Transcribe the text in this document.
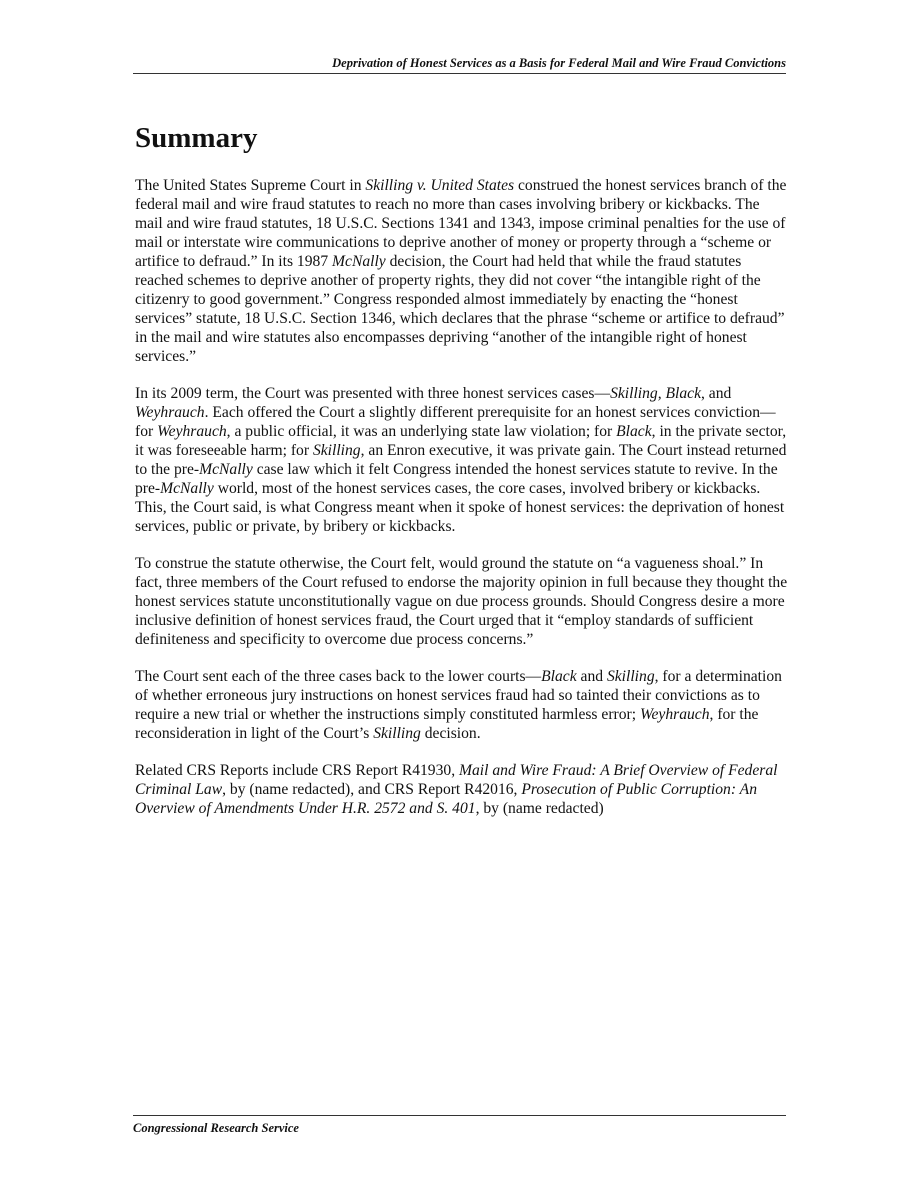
Deprivation of Honest Services as a Basis for Federal Mail and Wire Fraud Convictions
Summary

The United States Supreme Court in Skilling v. United States construed the honest services branch of the federal mail and wire fraud statutes to reach no more than cases involving bribery or kickbacks. The mail and wire fraud statutes, 18 U.S.C. Sections 1341 and 1343, impose criminal penalties for the use of mail or interstate wire communications to deprive another of money or property through a “scheme or artifice to defraud.” In its 1987 McNally decision, the Court had held that while the fraud statutes reached schemes to deprive another of property rights, they did not cover “the intangible right of the citizenry to good government.” Congress responded almost immediately by enacting the “honest services” statute, 18 U.S.C. Section 1346, which declares that the phrase “scheme or artifice to defraud” in the mail and wire statutes also encompasses depriving “another of the intangible right of honest services.”

In its 2009 term, the Court was presented with three honest services cases—Skilling, Black, and Weyhrauch. Each offered the Court a slightly different prerequisite for an honest services conviction—for Weyhrauch, a public official, it was an underlying state law violation; for Black, in the private sector, it was foreseeable harm; for Skilling, an Enron executive, it was private gain. The Court instead returned to the pre-McNally case law which it felt Congress intended the honest services statute to revive. In the pre-McNally world, most of the honest services cases, the core cases, involved bribery or kickbacks. This, the Court said, is what Congress meant when it spoke of honest services: the deprivation of honest services, public or private, by bribery or kickbacks.

To construe the statute otherwise, the Court felt, would ground the statute on “a vagueness shoal.” In fact, three members of the Court refused to endorse the majority opinion in full because they thought the honest services statute unconstitutionally vague on due process grounds. Should Congress desire a more inclusive definition of honest services fraud, the Court urged that it “employ standards of sufficient definiteness and specificity to overcome due process concerns.”

The Court sent each of the three cases back to the lower courts—Black and Skilling, for a determination of whether erroneous jury instructions on honest services fraud had so tainted their convictions as to require a new trial or whether the instructions simply constituted harmless error; Weyhrauch, for the reconsideration in light of the Court’s Skilling decision.

Related CRS Reports include CRS Report R41930, Mail and Wire Fraud: A Brief Overview of Federal Criminal Law, by (name redacted), and CRS Report R42016, Prosecution of Public Corruption: An Overview of Amendments Under H.R. 2572 and S. 401, by (name redacted)

Congressional Research Service
